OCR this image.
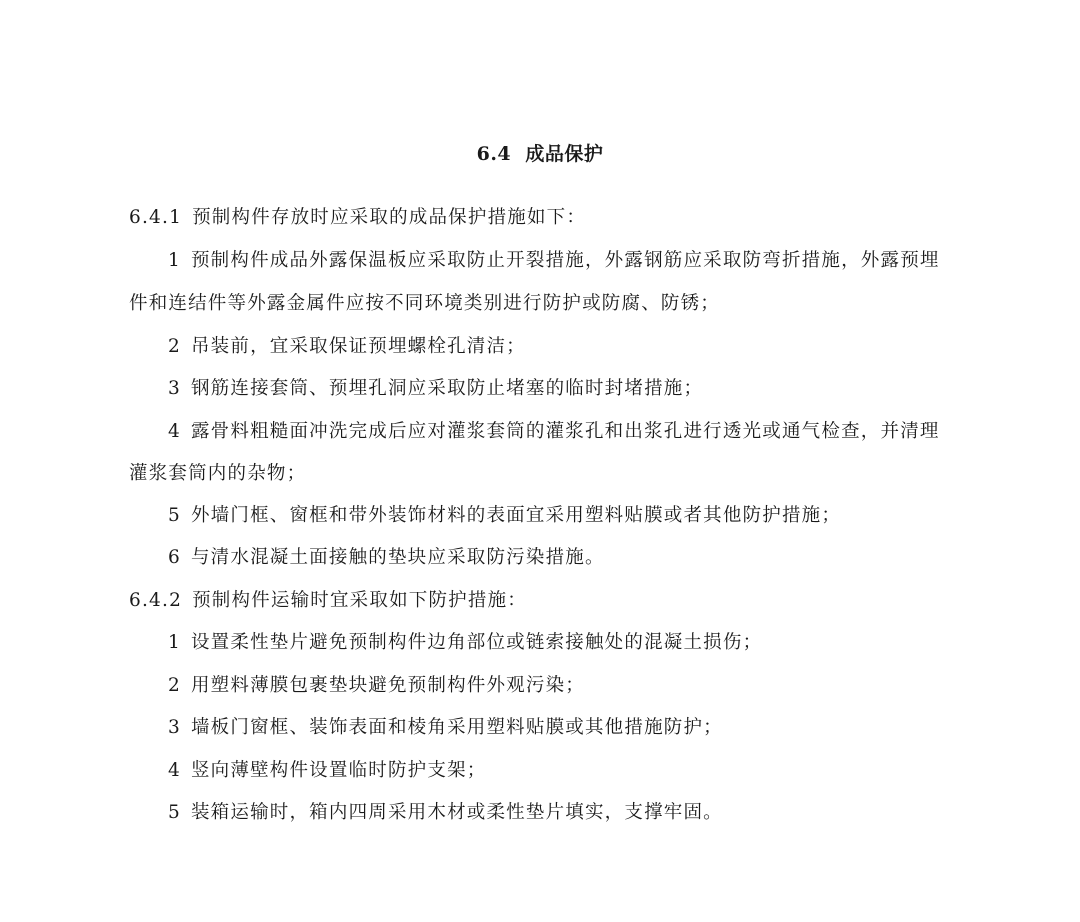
6.4 成品保护
6.4.1 预制构件存放时应采取的成品保护措施如下：
1 预制构件成品外露保温板应采取防止开裂措施，外露钢筋应采取防弯折措施，外露预埋
件和连结件等外露金属件应按不同环境类别进行防护或防腐、防锈；
2 吊装前，宜采取保证预埋螺栓孔清洁；
3 钢筋连接套筒、预埋孔洞应采取防止堵塞的临时封堵措施；
4 露骨料粗糙面冲洗完成后应对灌浆套筒的灌浆孔和出浆孔进行透光或通气检查，并清理
灌浆套筒内的杂物；
5 外墙门框、窗框和带外装饰材料的表面宜采用塑料贴膜或者其他防护措施；
6 与清水混凝土面接触的垫块应采取防污染措施。
6.4.2 预制构件运输时宜采取如下防护措施：
1 设置柔性垫片避免预制构件边角部位或链索接触处的混凝土损伤；
2 用塑料薄膜包裹垫块避免预制构件外观污染；
3 墙板门窗框、装饰表面和棱角采用塑料贴膜或其他措施防护；
4 竖向薄壁构件设置临时防护支架；
5 装箱运输时，箱内四周采用木材或柔性垫片填实，支撑牢固。
